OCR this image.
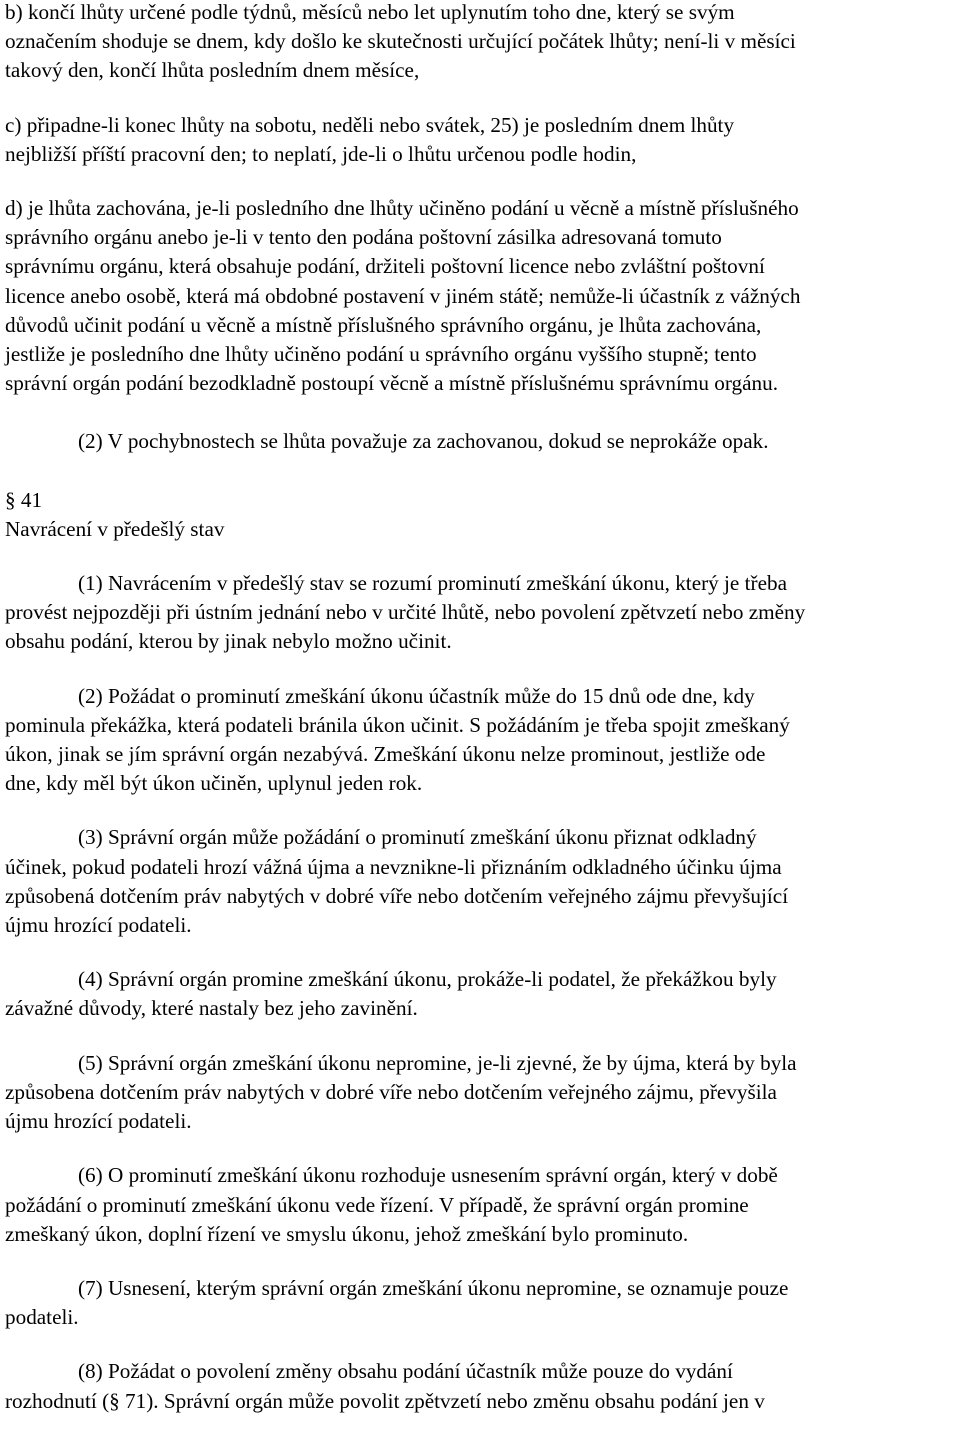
b) končí lhůty určené podle týdnů, měsíců nebo let uplynutím toho dne, který se svým
označením shoduje se dnem, kdy došlo ke skutečnosti určující počátek lhůty; není-li v měsíci
takový den, končí lhůta posledním dnem měsíce,

c) připadne-li konec lhůty na sobotu, neděli nebo svátek, 25) je posledním dnem lhůty
nejbližší příští pracovní den; to neplatí, jde-li o lhůtu určenou podle hodin,

d) je lhůta zachována, je-li posledního dne lhůty učiněno podání u věcně a místně příslušného
správního orgánu anebo je-li v tento den podána poštovní zásilka adresovaná tomuto
správnímu orgánu, která obsahuje podání, držiteli poštovní licence nebo zvláštní poštovní
licence anebo osobě, která má obdobné postavení v jiném státě; nemůže-li účastník z vážných
důvodů učinit podání u věcně a místně příslušného správního orgánu, je lhůta zachována,
jestliže je posledního dne lhůty učiněno podání u správního orgánu vyššího stupně; tento
správní orgán podání bezodkladně postoupí věcně a místně příslušnému správnímu orgánu.

(2) V pochybnostech se lhůta považuje za zachovanou, dokud se neprokáže opak.

§ 41

Navrácení v předešlý stav

(1) Navrácením v předešlý stav se rozumí prominutí zmeškání úkonu, který je třeba
provést nejpozději při ústním jednání nebo v určité lhůtě, nebo povolení zpětvzetí nebo změny
obsahu podání, kterou by jinak nebylo možno učinit.

(2) Požádat o prominutí zmeškání úkonu účastník může do 15 dnů ode dne, kdy
pominula překážka, která podateli bránila úkon učinit. S požádáním je třeba spojit zmeškaný
úkon, jinak se jím správní orgán nezabývá. Zmeškání úkonu nelze prominout, jestliže ode
dne, kdy měl být úkon učiněn, uplynul jeden rok.

(3) Správní orgán může požádání o prominutí zmeškání úkonu přiznat odkladný
účinek, pokud podateli hrozí vážná újma a nevznikne-li přiznáním odkladného účinku újma
způsobená dotčením práv nabytých v dobré víře nebo dotčením veřejného zájmu převyšující
újmu hrozící podateli.

(4) Správní orgán promine zmeškání úkonu, prokáže-li podatel, že překážkou byly
závažné důvody, které nastaly bez jeho zavinění.

(5) Správní orgán zmeškání úkonu nepromine, je-li zjevné, že by újma, která by byla
způsobena dotčením práv nabytých v dobré víře nebo dotčením veřejného zájmu, převyšila
újmu hrozící podateli.

(6) O prominutí zmeškání úkonu rozhoduje usnesením správní orgán, který v době
požádání o prominutí zmeškání úkonu vede řízení. V případě, že správní orgán promine
zmeškaný úkon, doplní řízení ve smyslu úkonu, jehož zmeškání bylo prominuto.

(7) Usnesení, kterým správní orgán zmeškání úkonu nepromine, se oznamuje pouze
podateli.

(8) Požádat o povolení změny obsahu podání účastník může pouze do vydání
rozhodnutí (§ 71). Správní orgán může povolit zpětvzetí nebo změnu obsahu podání jen v
